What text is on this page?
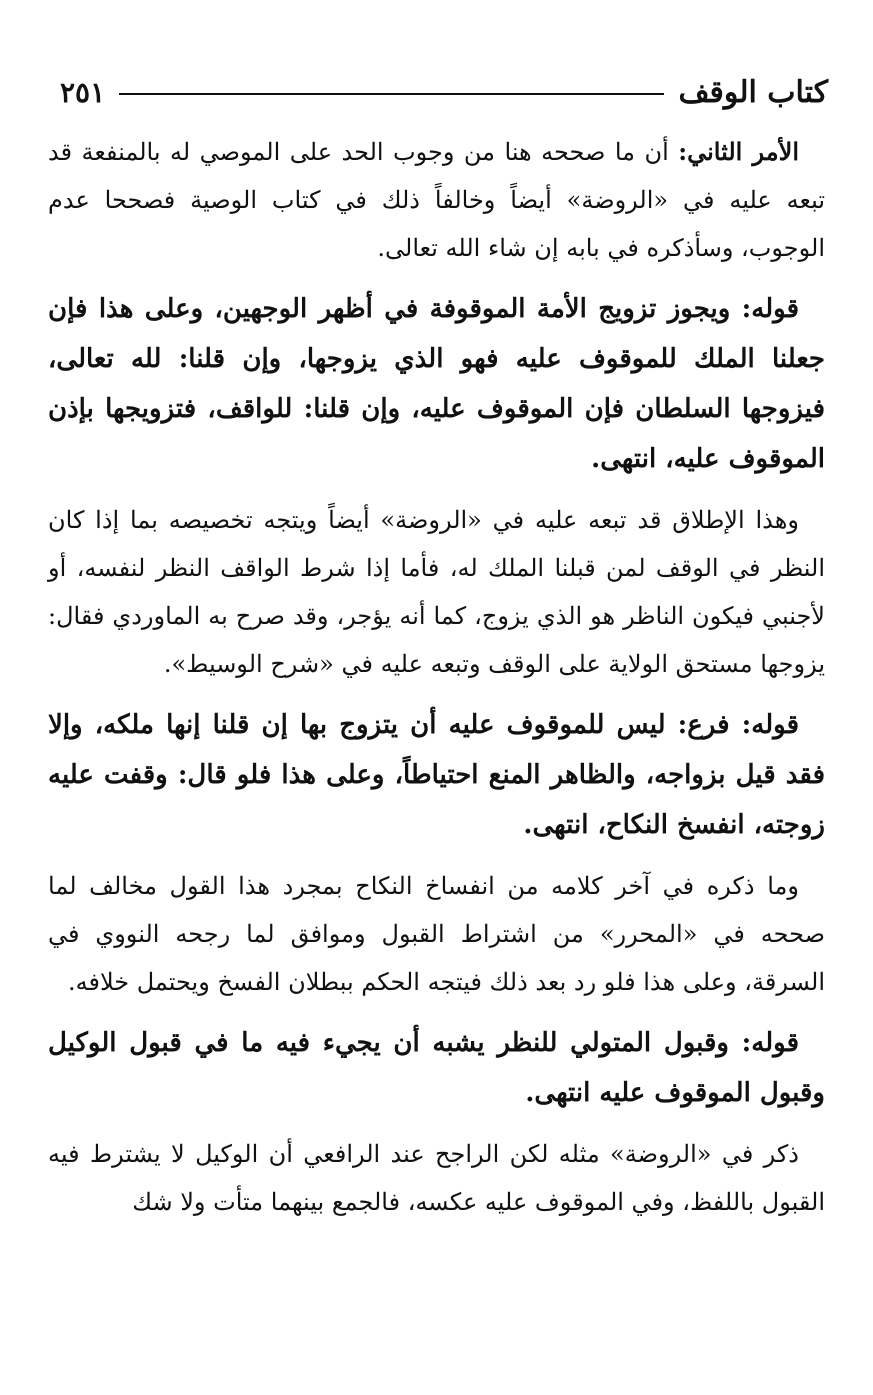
كتاب الوقف
٢٥١

الأمر الثاني: أن ما صححه هنا من وجوب الحد على الموصي له بالمنفعة قد تبعه عليه في «الروضة» أيضاً وخالفاً ذلك في كتاب الوصية فصححا عدم الوجوب، وسأذكره في بابه إن شاء الله تعالى.

قوله: ويجوز تزويج الأمة الموقوفة في أظهر الوجهين، وعلى هذا فإن جعلنا الملك للموقوف عليه فهو الذي يزوجها، وإن قلنا: لله تعالى، فيزوجها السلطان فإن الموقوف عليه، وإن قلنا: للواقف، فتزويجها بإذن الموقوف عليه، انتهى.

وهذا الإطلاق قد تبعه عليه في «الروضة» أيضاً ويتجه تخصيصه بما إذا كان النظر في الوقف لمن قبلنا الملك له، فأما إذا شرط الواقف النظر لنفسه، أو لأجنبي فيكون الناظر هو الذي يزوج، كما أنه يؤجر، وقد صرح به الماوردي فقال: يزوجها مستحق الولاية على الوقف وتبعه عليه في «شرح الوسيط».

قوله: فرع: ليس للموقوف عليه أن يتزوج بها إن قلنا إنها ملكه، وإلا فقد قيل بزواجه، والظاهر المنع احتياطاً، وعلى هذا فلو قال: وقفت عليه زوجته، انفسخ النكاح، انتهى.

وما ذكره في آخر كلامه من انفساخ النكاح بمجرد هذا القول مخالف لما صححه في «المحرر» من اشتراط القبول وموافق لما رجحه النووي في السرقة، وعلى هذا فلو رد بعد ذلك فيتجه الحكم ببطلان الفسخ ويحتمل خلافه.

قوله: وقبول المتولي للنظر يشبه أن يجيء فيه ما في قبول الوكيل وقبول الموقوف عليه انتهى.

ذكر في «الروضة» مثله لكن الراجح عند الرافعي أن الوكيل لا يشترط فيه القبول باللفظ، وفي الموقوف عليه عكسه، فالجمع بينهما متأت ولا شك
